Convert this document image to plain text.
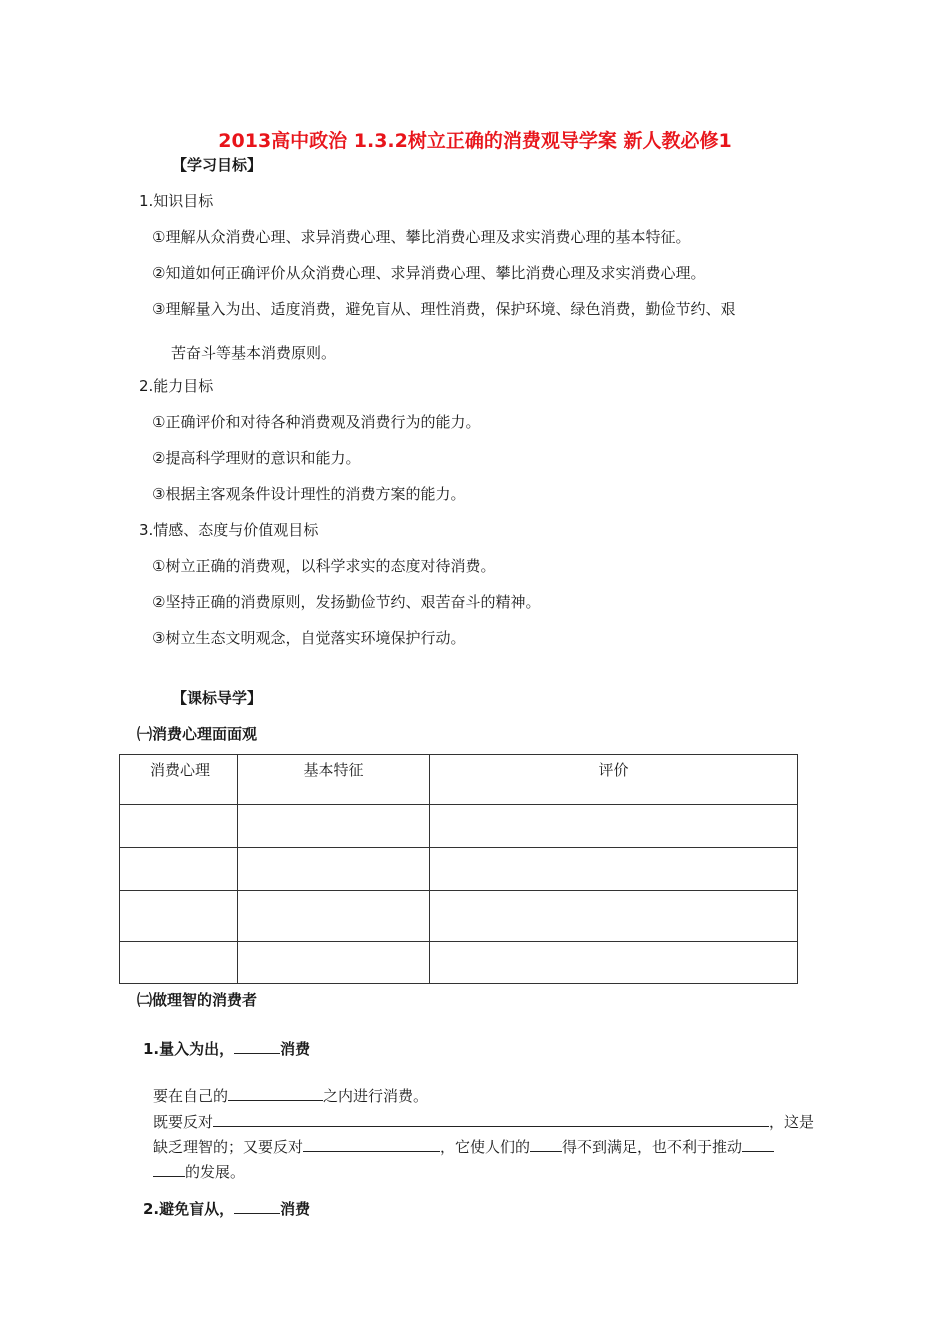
2013高中政治 1.3.2树立正确的消费观导学案 新人教必修1
【学习目标】
1.知识目标
①理解从众消费心理、求异消费心理、攀比消费心理及求实消费心理的基本特征。
②知道如何正确评价从众消费心理、求异消费心理、攀比消费心理及求实消费心理。
③理解量入为出、适度消费，避免盲从、理性消费，保护环境、绿色消费，勤俭节约、艰
苦奋斗等基本消费原则。
2.能力目标
①正确评价和对待各种消费观及消费行为的能力。
②提高科学理财的意识和能力。
③根据主客观条件设计理性的消费方案的能力。
3.情感、态度与价值观目标
①树立正确的消费观，以科学求实的态度对待消费。
②坚持正确的消费原则，发扬勤俭节约、艰苦奋斗的精神。
③树立生态文明观念，自觉落实环境保护行动。
【课标导学】
㈠消费心理面面观
消费心理	基本特征	评价

㈡做理智的消费者
1.量入为出，	消费
要在自己的	之内进行消费。
既要反对	，这是
缺乏理智的；又要反对	，它使人们的 得不到满足，也不利于推动
的发展。
2.避免盲从，	消费
